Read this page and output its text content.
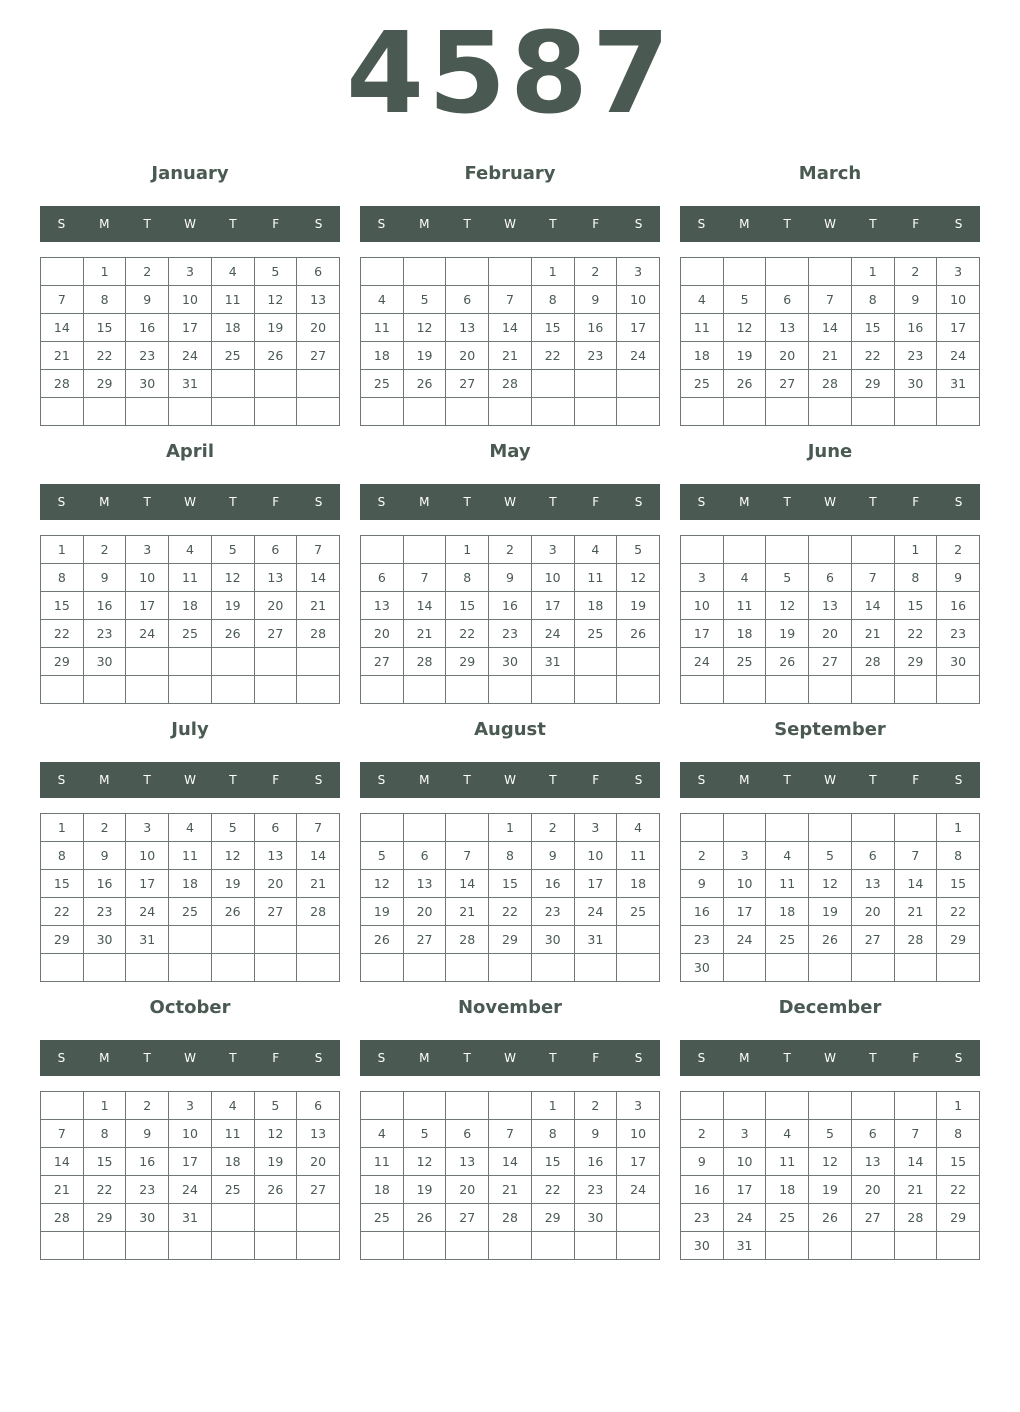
4587
January
S	M	T	W	T	F	S
	1	2	3	4	5	6
7	8	9	10	11	12	13
14	15	16	17	18	19	20
21	22	23	24	25	26	27
28	29	30	31			

February
S	M	T	W	T	F	S
				1	2	3
4	5	6	7	8	9	10
11	12	13	14	15	16	17
18	19	20	21	22	23	24
25	26	27	28			

March
S	M	T	W	T	F	S
				1	2	3
4	5	6	7	8	9	10
11	12	13	14	15	16	17
18	19	20	21	22	23	24
25	26	27	28	29	30	31

April
S	M	T	W	T	F	S
1	2	3	4	5	6	7
8	9	10	11	12	13	14
15	16	17	18	19	20	21
22	23	24	25	26	27	28
29	30					

May
S	M	T	W	T	F	S
		1	2	3	4	5
6	7	8	9	10	11	12
13	14	15	16	17	18	19
20	21	22	23	24	25	26
27	28	29	30	31		

June
S	M	T	W	T	F	S
					1	2
3	4	5	6	7	8	9
10	11	12	13	14	15	16
17	18	19	20	21	22	23
24	25	26	27	28	29	30

July
S	M	T	W	T	F	S
1	2	3	4	5	6	7
8	9	10	11	12	13	14
15	16	17	18	19	20	21
22	23	24	25	26	27	28
29	30	31				

August
S	M	T	W	T	F	S
			1	2	3	4
5	6	7	8	9	10	11
12	13	14	15	16	17	18
19	20	21	22	23	24	25
26	27	28	29	30	31	

September
S	M	T	W	T	F	S
						1
2	3	4	5	6	7	8
9	10	11	12	13	14	15
16	17	18	19	20	21	22
23	24	25	26	27	28	29
30						
October
S	M	T	W	T	F	S
	1	2	3	4	5	6
7	8	9	10	11	12	13
14	15	16	17	18	19	20
21	22	23	24	25	26	27
28	29	30	31			

November
S	M	T	W	T	F	S
				1	2	3
4	5	6	7	8	9	10
11	12	13	14	15	16	17
18	19	20	21	22	23	24
25	26	27	28	29	30	

December
S	M	T	W	T	F	S
						1
2	3	4	5	6	7	8
9	10	11	12	13	14	15
16	17	18	19	20	21	22
23	24	25	26	27	28	29
30	31					
